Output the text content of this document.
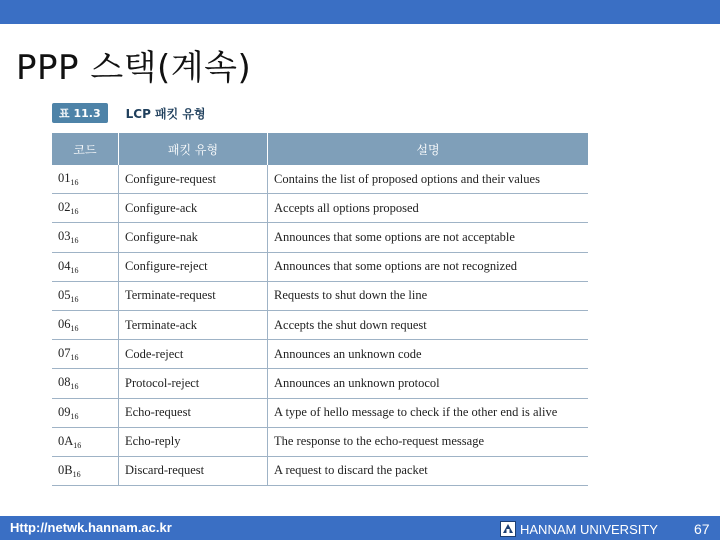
PPP 스택(계속)
표 11.3	LCP 패킷 유형
코드	패킷 유형	설명
$01_{16}$	Configure-request	Contains the list of proposed options and their values
$02_{16}$	Configure-ack	Accepts all options proposed
$03_{16}$	Configure-nak	Announces that some options are not acceptable
$04_{16}$	Configure-reject	Announces that some options are not recognized
$05_{16}$	Terminate-request	Requests to shut down the line
$06_{16}$	Terminate-ack	Accepts the shut down request
$07_{16}$	Code-reject	Announces an unknown code
$08_{16}$	Protocol-reject	Announces an unknown protocol
$09_{16}$	Echo-request	A type of hello message to check if the other end is alive
$0A_{16}$	Echo-reply	The response to the echo-request message
$0B_{16}$	Discard-request	A request to discard the packet
Http://netwk.hannam.ac.kr	HANNAM UNIVERSITY	67
